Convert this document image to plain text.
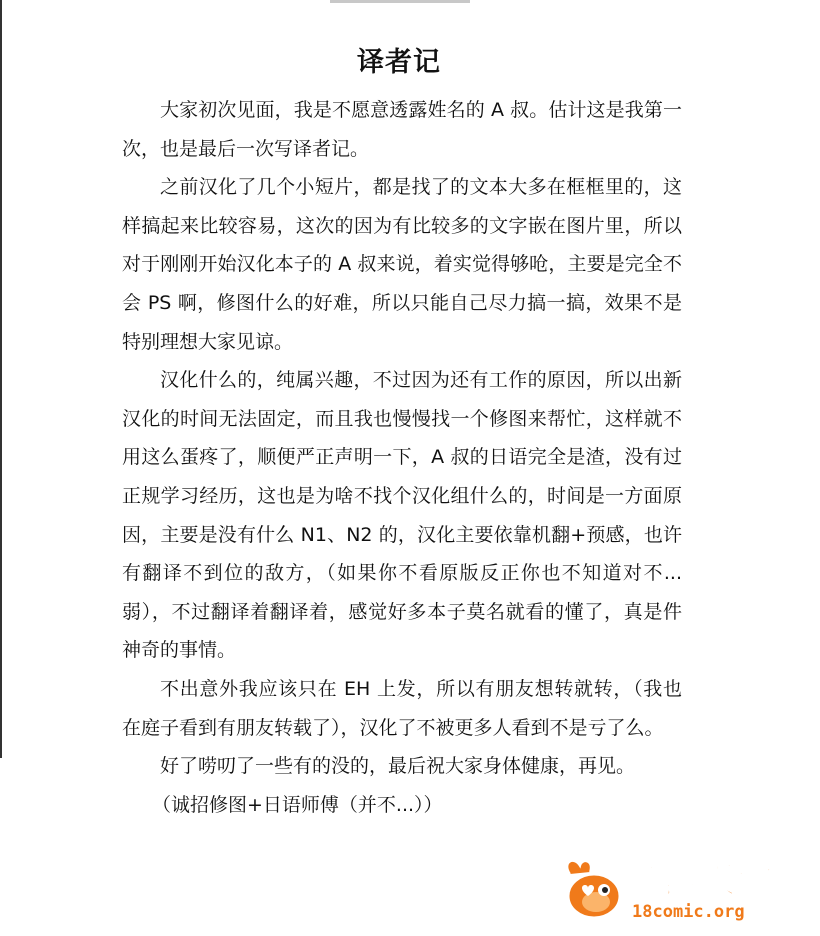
译者记

大家初次见面，我是不愿意透露姓名的 A 叔。估计这是我第一次，也是最后一次写译者记。

之前汉化了几个小短片，都是找了的文本大多在框框里的，这样搞起来比较容易，这次的因为有比较多的文字嵌在图片里，所以对于刚刚开始汉化本子的 A 叔来说，着实觉得够呛，主要是完全不会 PS 啊，修图什么的好难，所以只能自己尽力搞一搞，效果不是特别理想大家见谅。

汉化什么的，纯属兴趣，不过因为还有工作的原因，所以出新汉化的时间无法固定，而且我也慢慢找一个修图来帮忙，这样就不用这么蛋疼了，顺便严正声明一下，A 叔的日语完全是渣，没有过正规学习经历，这也是为啥不找个汉化组什么的，时间是一方面原因，主要是没有什么 N1、N2 的，汉化主要依靠机翻+预感，也许有翻译不到位的敌方，（如果你不看原版反正你也不知道对不...弱），不过翻译着翻译着，感觉好多本子莫名就看的懂了，真是件神奇的事情。

不出意外我应该只在 EH 上发，所以有朋友想转就转，（我也在庭子看到有朋友转载了），汉化了不被更多人看到不是亏了么。

好了唠叨了一些有的没的，最后祝大家身体健康，再见。

（诚招修图+日语师傅（并不...））

禁漫天堂
18comic.org
